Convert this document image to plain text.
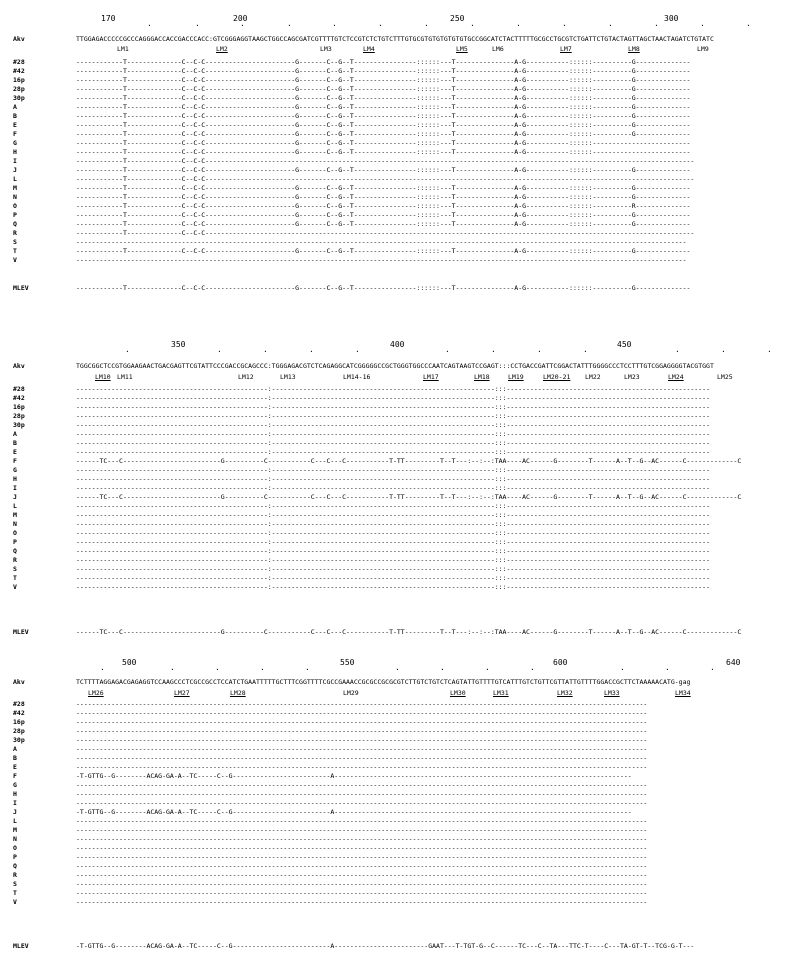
170	200	250	300
·	·	·	·	·	·	·	·	·	·	·	·	·	·
Akv	TTGGAGACCCCCGCCCAGGGACCACCGACCCACC:GTCGGGAGGTAAGCTGGCCAGCGATCGTTTTGTCTCCGTCTCTGTCTTTGTGCGTGTGTGTGTGTGCCGGCATCTACTTTTTGCGCCTGCGTCTGATTCTGTACTAGTTAGCTAACTAGATCTGTATC
LM1	LM2	LM3	LM4	LM5	LM6	LM7	LM8	LM9
#28	------------T--------------C--C-C-----------------------G-------C--G--T----------------::::::---T---------------A-G-----------::::::----------G--------------
#42	------------T--------------C--C-C-----------------------G-------C--G--T----------------::::::---T---------------A-G-----------::::::----------G--------------
16p	------------T--------------C--C-C-----------------------G-------C--G--T----------------::::::---T---------------A-G-----------::::::----------G--------------
28p	------------T--------------C--C-C-----------------------G-------C--G--T----------------::::::---T---------------A-G-----------::::::----------G--------------
30p	------------T--------------C--C-C-----------------------G-------C--G--T----------------::::::---T---------------A-G-----------::::::----------G--------------
A	------------T--------------C--C-C-----------------------G-------C--G--T----------------::::::---T---------------A-G-----------::::::----------G--------------
B	------------T--------------C--C-C-----------------------G-------C--G--T----------------::::::---T---------------A-G-----------::::::----------G--------------
E	------------T--------------C--C-C-----------------------G-------C--G--T----------------::::::---T---------------A-G-----------::::::----------G--------------
F	------------T--------------C--C-C-----------------------G-------C--G--T----------------::::::---T---------------A-G-----------::::::----------G--------------
G	------------T--------------C--C-C-----------------------G-------C--G--T----------------::::::---T---------------A-G-----------::::::-------------------------
H	------------T--------------C--C-C-----------------------G-------C--G--T----------------::::::---T---------------A-G-----------::::::-------------------------
I	------------T--------------C--C-C-----------------------------------------------------------------------------------------------------------------------------
J	------------T--------------C--C-C-----------------------G-------C--G--T----------------::::::---T---------------A-G-----------::::::----------G--------------
L	------------T--------------C--C-C-----------------------------------------------------------------------------------------------------------------------------
M	------------T--------------C--C-C-----------------------G-------C--G--T----------------::::::---T---------------A-G-----------::::::----------G--------------
N	------------T--------------C--C-C-----------------------G-------C--G--T----------------::::::---T---------------A-G-----------::::::----------G--------------
O	------------T--------------C--C-C-----------------------G-------C--G--T----------------::::::---T---------------A-G-----------::::::----------R--------------
P	------------T--------------C--C-C-----------------------G-------C--G--T----------------::::::---T---------------A-G-----------::::::----------G--------------
Q	------------T--------------C--C-C-----------------------G-------C--G--T----------------::::::---T---------------A-G-----------::::::----------G--------------
R	------------T--------------C--C-C-----------------------------------------------------------------------------------------------------------------------------
S	------------------------------------------------------------------------------------------------------------------------------------------------------------
T	------------T--------------C--C-C-----------------------G-------C--G--T----------------::::::---T---------------A-G-----------::::::----------G--------------
V	------------------------------------------------------------------------------------------------------------------------------------------------------------
MLEV	------------T--------------C--C-C-----------------------G-------C--G--T----------------::::::---T---------------A-G-----------::::::----------G--------------
350	400	450
·	·	·	·	·	·	·	·	·	·	·	·
Akv	TGGCGGCTCCGTGGAAGAACTGACGAGTTCGTATTCCCGACCGCAGCCC:TGGGAGACGTCTCAGAGGCATCGGGGGCCGCTGGGTGGCCCAATCAGTAAGTCCGAGT:::CCTGACCGATTCGGACTATTTGGGGCCCTCCTTTGTCGGAGGGGTACGTGGT
LM10 LM11	LM12	LM13	LM14-16	LM17	LM18	LM19	LM20-21 LM22	LM23	LM24	LM25
#28	-------------------------------------------------:---------------------------------------------------------:::----------------------------------------------------
#42	-------------------------------------------------:---------------------------------------------------------:::----------------------------------------------------
16p	-------------------------------------------------:---------------------------------------------------------:::----------------------------------------------------
28p	-------------------------------------------------:---------------------------------------------------------:::----------------------------------------------------
30p	-------------------------------------------------:---------------------------------------------------------:::----------------------------------------------------
A	-------------------------------------------------:---------------------------------------------------------:::----------------------------------------------------
B	-------------------------------------------------:---------------------------------------------------------:::----------------------------------------------------
E	-------------------------------------------------:---------------------------------------------------------:::----------------------------------------------------
F	------TC---C-------------------------G----------C-----------C---C---C-----------T-TT---------T--T---:--:--:TAA----AC------G--------T------A--T--G--AC------C-------------C
G	-------------------------------------------------:---------------------------------------------------------:::----------------------------------------------------
H	-------------------------------------------------:---------------------------------------------------------:::----------------------------------------------------
I	-------------------------------------------------:---------------------------------------------------------:::----------------------------------------------------
J	------TC---C-------------------------G----------C-----------C---C---C-----------T-TT---------T--T---:--:--:TAA----AC------G--------T------A--T--G--AC------C-------------C
L	-------------------------------------------------:---------------------------------------------------------:::----------------------------------------------------
M	-------------------------------------------------:---------------------------------------------------------:::----------------------------------------------------
N	-------------------------------------------------:---------------------------------------------------------:::----------------------------------------------------
O	-------------------------------------------------:---------------------------------------------------------:::----------------------------------------------------
P	-------------------------------------------------:---------------------------------------------------------:::----------------------------------------------------
Q	-------------------------------------------------:---------------------------------------------------------:::----------------------------------------------------
R	-------------------------------------------------:---------------------------------------------------------:::----------------------------------------------------
S	-------------------------------------------------:---------------------------------------------------------:::----------------------------------------------------
T	-------------------------------------------------:---------------------------------------------------------:::----------------------------------------------------
V	-------------------------------------------------:---------------------------------------------------------:::----------------------------------------------------
MLEV	------TC---C-------------------------G----------C-----------C---C---C-----------T-TT---------T--T---:--:--:TAA----AC------G--------T------A--T--G--AC------C-------------C
500	550	600	640
·	·	·	·	·	·	·	·	·	·	·	·
Akv	TCTTTTAGGAGACGAGAGGTCCAAGCCCTCGCCGCCTCCATCTGAATTTTTGCTTTCGGTTTTCGCCGAAACCGCGCCGCGCGTCTTGTCTGTCTCAGTATTGTTTTGTCATTTGTCTGTTCGTTATTGTTTTGGACCGCTTCTAAAAACATG-gag
LM26	LM27	LM28	LM29	LM30	LM31	LM32	LM33	LM34
#28	--------------------------------------------------------------------------------------------------------------------------------------------------
#42	--------------------------------------------------------------------------------------------------------------------------------------------------
16p	--------------------------------------------------------------------------------------------------------------------------------------------------
28p	--------------------------------------------------------------------------------------------------------------------------------------------------
30p	--------------------------------------------------------------------------------------------------------------------------------------------------
A	--------------------------------------------------------------------------------------------------------------------------------------------------
B	--------------------------------------------------------------------------------------------------------------------------------------------------
E	--------------------------------------------------------------------------------------------------------------------------------------------------
F	-T-GTTG--G--------ACAG-GA-A--TC-----C--G-------------------------A----------------------------------------------------------------------------
G	--------------------------------------------------------------------------------------------------------------------------------------------------
H	--------------------------------------------------------------------------------------------------------------------------------------------------
I	--------------------------------------------------------------------------------------------------------------------------------------------------
J	-T-GTTG--G--------ACAG-GA-A--TC-----C--G-------------------------A----------------------------------------------------------------------------
L	--------------------------------------------------------------------------------------------------------------------------------------------------
M	--------------------------------------------------------------------------------------------------------------------------------------------------
N	--------------------------------------------------------------------------------------------------------------------------------------------------
O	--------------------------------------------------------------------------------------------------------------------------------------------------
P	--------------------------------------------------------------------------------------------------------------------------------------------------
Q	--------------------------------------------------------------------------------------------------------------------------------------------------
R	--------------------------------------------------------------------------------------------------------------------------------------------------
S	--------------------------------------------------------------------------------------------------------------------------------------------------
T	--------------------------------------------------------------------------------------------------------------------------------------------------
V	--------------------------------------------------------------------------------------------------------------------------------------------------
MLEV	-T-GTTG--G--------ACAG-GA-A--TC-----C--G-------------------------A------------------------GAAT---T-TGT-G--C------TC---C--TA---TTC-T----C---TA-GT-T--TCG-G-T---
